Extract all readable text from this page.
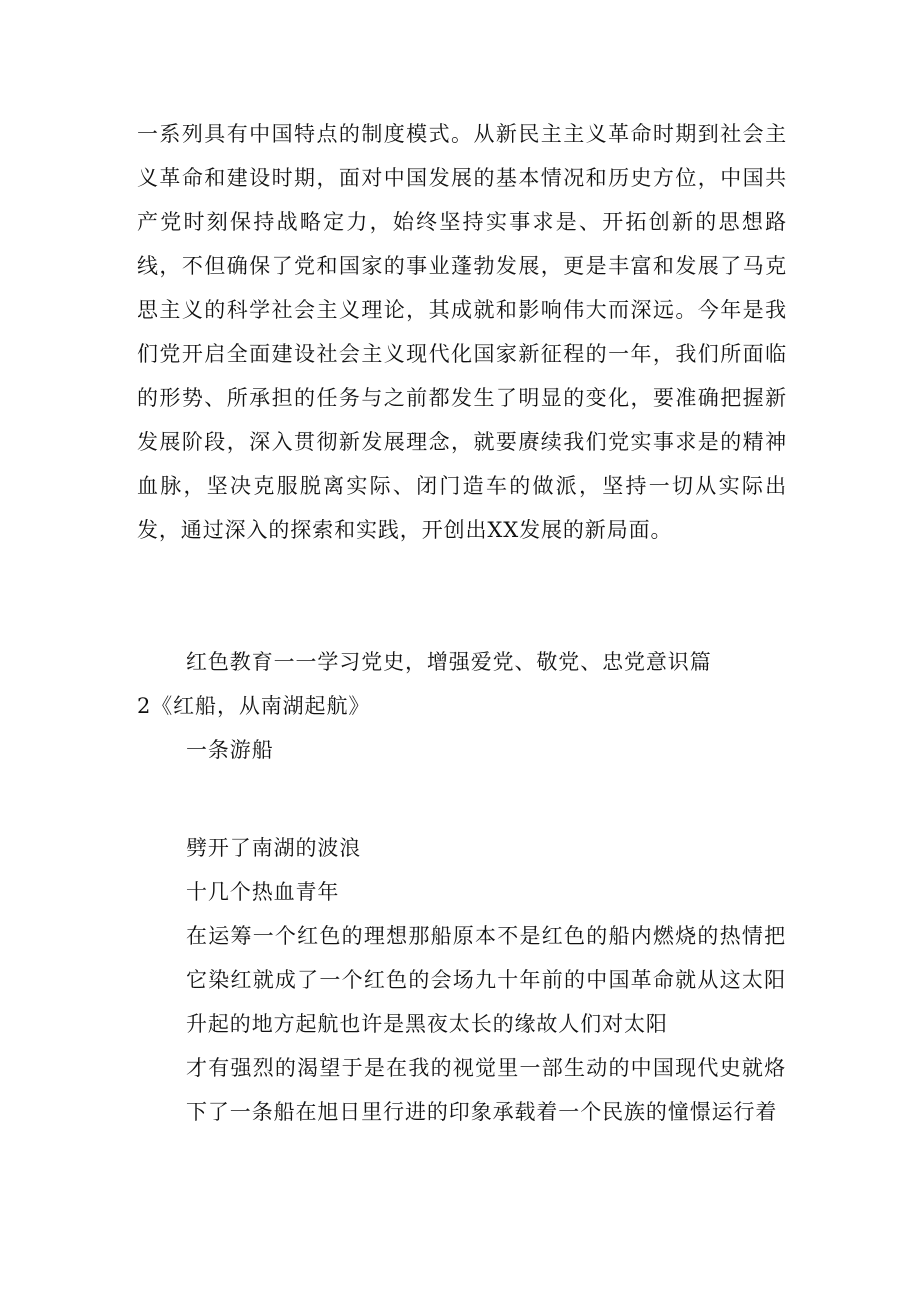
一系列具有中国特点的制度模式。从新民主主义革命时期到社会主义革命和建设时期，面对中国发展的基本情况和历史方位，中国共产党时刻保持战略定力，始终坚持实事求是、开拓创新的思想路线，不但确保了党和国家的事业蓬勃发展，更是丰富和发展了马克思主义的科学社会主义理论，其成就和影响伟大而深远。今年是我们党开启全面建设社会主义现代化国家新征程的一年，我们所面临的形势、所承担的任务与之前都发生了明显的变化，要准确把握新发展阶段，深入贯彻新发展理念，就要赓续我们党实事求是的精神血脉，坚决克服脱离实际、闭门造车的做派，坚持一切从实际出发，通过深入的探索和实践，开创出XX发展的新局面。

红色教育一一学习党史，增强爱党、敬党、忠党意识篇

2《红船，从南湖起航》

一条游船

劈开了南湖的波浪

十几个热血青年

在运筹一个红色的理想那船原本不是红色的船内燃烧的热情把它染红就成了一个红色的会场九十年前的中国革命就从这太阳升起的地方起航也许是黑夜太长的缘故人们对太阳

才有强烈的渴望于是在我的视觉里一部生动的中国现代史就烙下了一条船在旭日里行进的印象承载着一个民族的憧憬运行着
